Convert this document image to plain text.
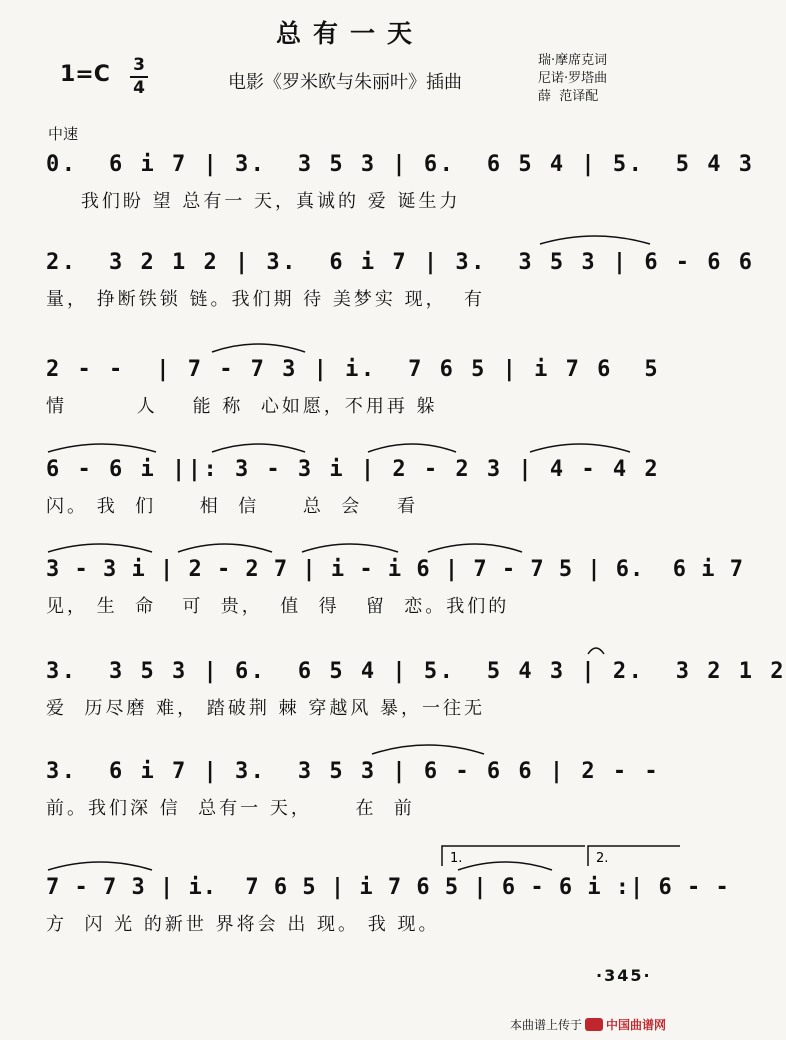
总有一天
1=C 3
4	电影《罗米欧与朱丽叶》插曲
瑞·摩席克词
尼诺·罗塔曲
薛  范译配
中速
0.  6 i 7 | 3.  3 5 3 | 6.  6 5 4 | 5.  5 4 3
我们盼 望 总有一 天，真诚的 爱 诞生力
2.  3 2 1 2 | 3.  6 i 7 | 3.  3 5 3 | 6 - 6 6
量， 挣断铁锁 链。我们期 待 美梦实 现，  有
2 - -  | 7 - 7 3 | i.  7 6 5 | i 7 6  5
情        人    能 称  心如愿，不用再 躲
6 - 6 i ||: 3 - 3 i | 2 - 2 3 | 4 - 4 2
闪。 我  们     相  信     总  会    看
3 - 3 i | 2 - 2 7 | i - i 6 | 7 - 7 5 | 6.  6 i 7
见， 生  命   可  贵，  值  得   留  恋。我们的
3.  3 5 3 | 6.  6 5 4 | 5.  5 4 3 | 2.  3 2 1 2
爱  历尽磨 难， 踏破荆 棘 穿越风 暴，一往无
3.  6 i 7 | 3.  3 5 3 | 6 - 6 6 | 2 - -
前。我们深 信  总有一 天，     在  前
7 - 7 3 | i.  7 6 5 | i 7 6 5 | 6 - 6 i :| 6 - -
方  闪 光 的新世 界将会 出 现。 我 现。
1.	2.
·345·
本曲谱上传于 中国曲谱网
